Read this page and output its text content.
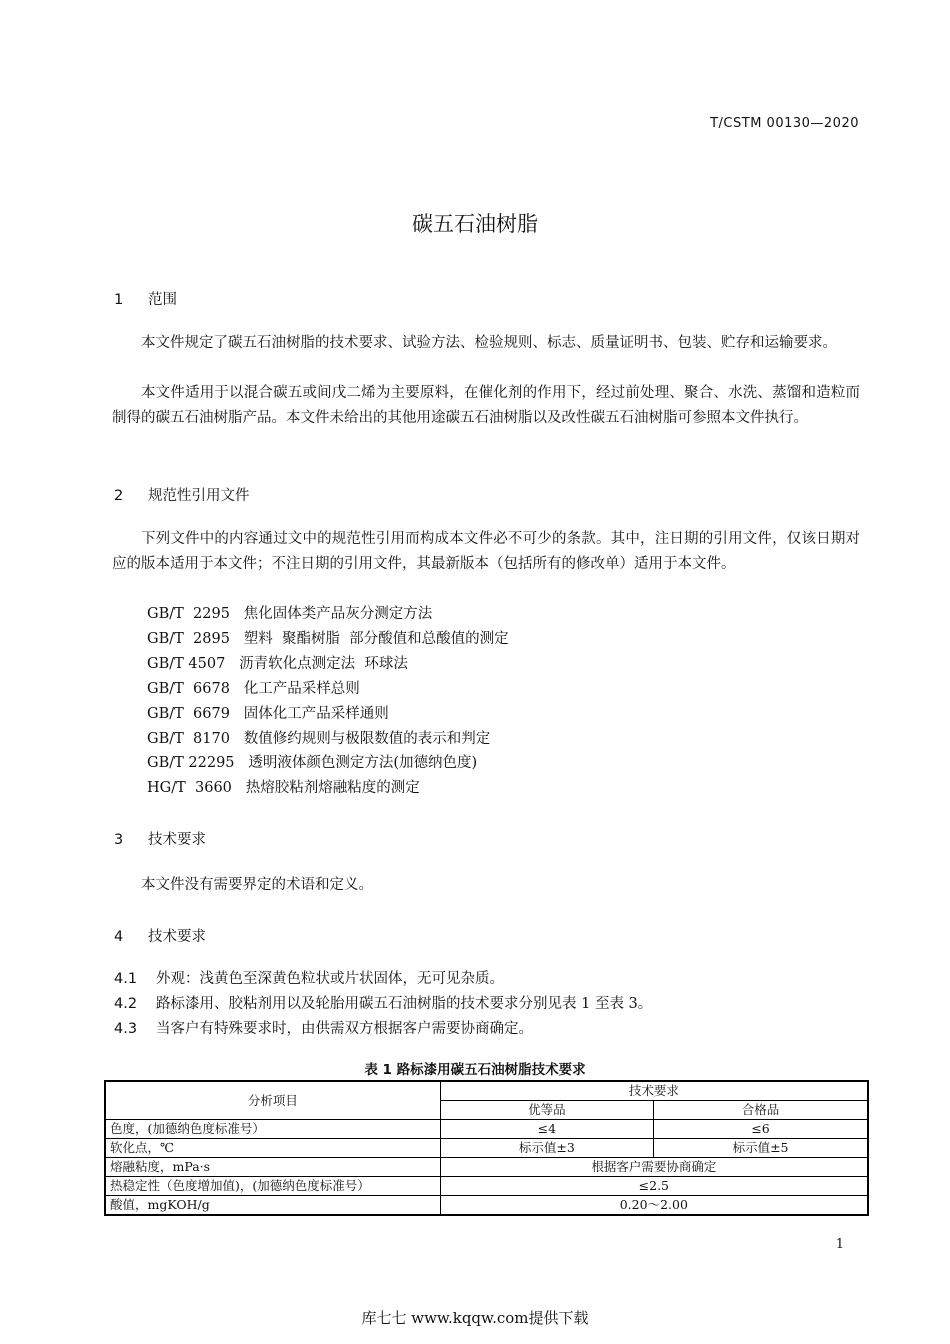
T/CSTM 00130—2020
碳五石油树脂
1 范围
本文件规定了碳五石油树脂的技术要求、试验方法、检验规则、标志、质量证明书、包装、贮存和运输要求。
本文件适用于以混合碳五或间戊二烯为主要原料，在催化剂的作用下，经过前处理、聚合、水洗、蒸馏和造粒而制得的碳五石油树脂产品。本文件未给出的其他用途碳五石油树脂以及改性碳五石油树脂可参照本文件执行。
2 规范性引用文件
下列文件中的内容通过文中的规范性引用而构成本文件必不可少的条款。其中，注日期的引用文件，仅该日期对应的版本适用于本文件；不注日期的引用文件，其最新版本（包括所有的修改单）适用于本文件。
GB/T  2295   焦化固体类产品灰分测定方法
GB/T  2895   塑料  聚酯树脂  部分酸值和总酸值的测定
GB/T 4507   沥青软化点测定法  环球法
GB/T  6678   化工产品采样总则
GB/T  6679   固体化工产品采样通则
GB/T  8170   数值修约规则与极限数值的表示和判定
GB/T 22295   透明液体颜色测定方法(加德纳色度)
HG/T  3660   热熔胶粘剂熔融粘度的测定
3 技术要求
本文件没有需要界定的术语和定义。
4 技术要求
4.1 外观：浅黄色至深黄色粒状或片状固体，无可见杂质。
4.2 路标漆用、胶粘剂用以及轮胎用碳五石油树脂的技术要求分别见表 1 至表 3。
4.3 当客户有特殊要求时，由供需双方根据客户需要协商确定。
表 1 路标漆用碳五石油树脂技术要求
分析项目	技术要求	
	优等品	合格品
色度，(加德纳色度标准号）	≤4	≤6
软化点，℃	标示值±3	标示值±5
熔融粘度，mPa·s	根据客户需要协商确定	
热稳定性（色度增加值)，(加德纳色度标准号）	≤2.5	
酸值，mgKOH/g	0.20～2.00	
1
库七七 www.kqqw.com提供下载
